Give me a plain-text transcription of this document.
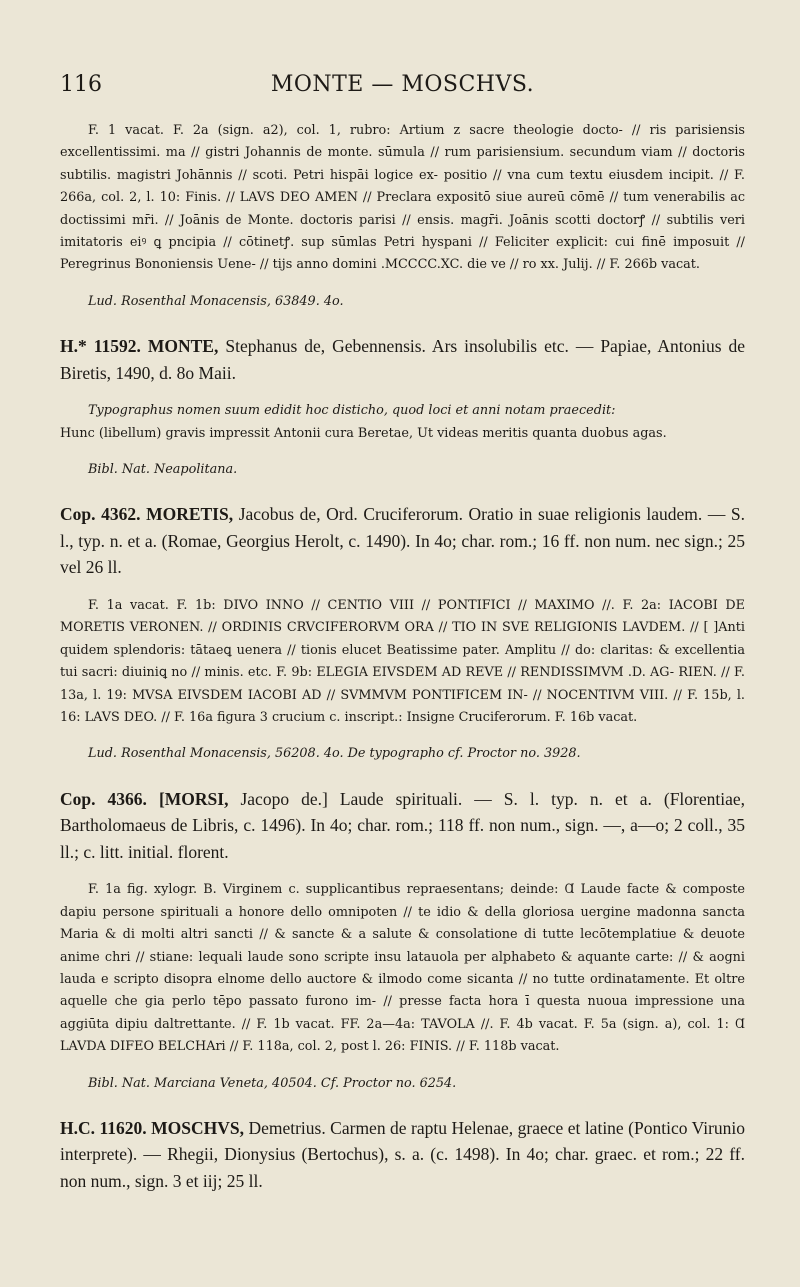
116	MONTE — MOSCHVS.

F. 1 vacat. F. 2a (sign. a2), col. 1, rubro: Artium z sacre theologie docto- // ris parisiensis excellentissimi. ma // gistri Johannis de monte. sūmula // rum parisiensium. secundum viam // doctoris subtilis. magistri Johānnis // scoti. Petri hispāi logice ex- positio // vna cum textu eiusdem incipit. // F. 266a, col. 2, l. 10: Finis. // LAVS DEO AMEN // Preclara expositō siue aureū cōmē // tum venerabilis ac doctissimi mr̄i. // Joānis de Monte. doctoris parisi // ensis. magr̄i. Joānis scotti doctorꝭ // subtilis veri imitatoris eiꝰ ꝗ pncipia // cōtinetꝭ. sup sūmlas Petri hyspani // Feliciter explicit: cui finē imposuit // Peregrinus Bononiensis Uene- // tijs anno domini .MCCCC.XC. die ve // ro xx. Julij. // F. 266b vacat.

Lud. Rosenthal Monacensis, 63849. 4o.

H.* 11592. MONTE, Stephanus de, Gebennensis. Ars insolubilis etc. — Papiae, Antonius de Biretis, 1490, d. 8o Maii.

Typographus nomen suum edidit hoc disticho, quod loci et anni notam praecedit:

Hunc (libellum) gravis impressit Antonii cura Beretae, Ut videas meritis quanta duobus agas.

Bibl. Nat. Neapolitana.

Cop. 4362. MORETIS, Jacobus de, Ord. Cruciferorum. Oratio in suae religionis laudem. — S. l., typ. n. et a. (Romae, Georgius Herolt, c. 1490). In 4o; char. rom.; 16 ff. non num. nec sign.; 25 vel 26 ll.

F. 1a vacat. F. 1b: DIVO INNO // CENTIO VIII // PONTIFICI // MAXIMO //. F. 2a: IACOBI DE MORETIS VERONEN. // ORDINIS CRVCIFERORVM ORA // TIO IN SVE RELIGIONIS LAVDEM. // [ ]Anti quidem splendoris: tātaeꝗ uenera // tionis elucet Beatissime pater. Amplitu // do: claritas: & excellentia tui sacri: diuiniꝗ no // minis. etc. F. 9b: ELEGIA EIVSDEM AD REVE // RENDISSIMVM .D. AG- RIEN. // F. 13a, l. 19: MVSA EIVSDEM IACOBI AD // SVMMVM PONTIFICEM IN- // NOCENTIVM VIII. // F. 15b, l. 16: LAVS DEO. // F. 16a figura 3 crucium c. inscript.: Insigne Cruciferorum. F. 16b vacat.

Lud. Rosenthal Monacensis, 56208. 4o. De typographo cf. Proctor no. 3928.

Cop. 4366. [MORSI, Jacopo de.] Laude spirituali. — S. l. typ. n. et a. (Florentiae, Bartholomaeus de Libris, c. 1496). In 4o; char. rom.; 118 ff. non num., sign. —, a—o; 2 coll., 35 ll.; c. litt. initial. florent.

F. 1a fig. xylogr. B. Virginem c. supplicantibus repraesentans; deinde: Ɑ Laude facte & composte dapiu persone spirituali a honore dello omnipoten // te idio & della gloriosa uergine madonna sancta Maria & di molti altri sancti // & sancte & a salute & consolatione di tutte lecōtemplatiue & deuote anime chri // stiane: lequali laude sono scripte insu latauola per alphabeto & aquante carte: // & aogni lauda e scripto disopra elnome dello auctore & ilmodo come sicanta // no tutte ordinatamente. Et oltre aquelle che gia perlo tēpo passato furono im- // presse facta hora ī questa nuoua impressione una aggiūta dipiu daltrettante. // F. 1b vacat. FF. 2a—4a: TAVOLA //. F. 4b vacat. F. 5a (sign. a), col. 1: Ɑ LAVDA DIFEO BELCHAri // F. 118a, col. 2, post l. 26: FINIS. // F. 118b vacat.

Bibl. Nat. Marciana Veneta, 40504. Cf. Proctor no. 6254.

H.C. 11620. MOSCHVS, Demetrius. Carmen de raptu Helenae, graece et latine (Pontico Virunio interprete). — Rhegii, Dionysius (Bertochus), s. a. (c. 1498). In 4o; char. graec. et rom.; 22 ff. non num., sign. 3 et iij; 25 ll.
